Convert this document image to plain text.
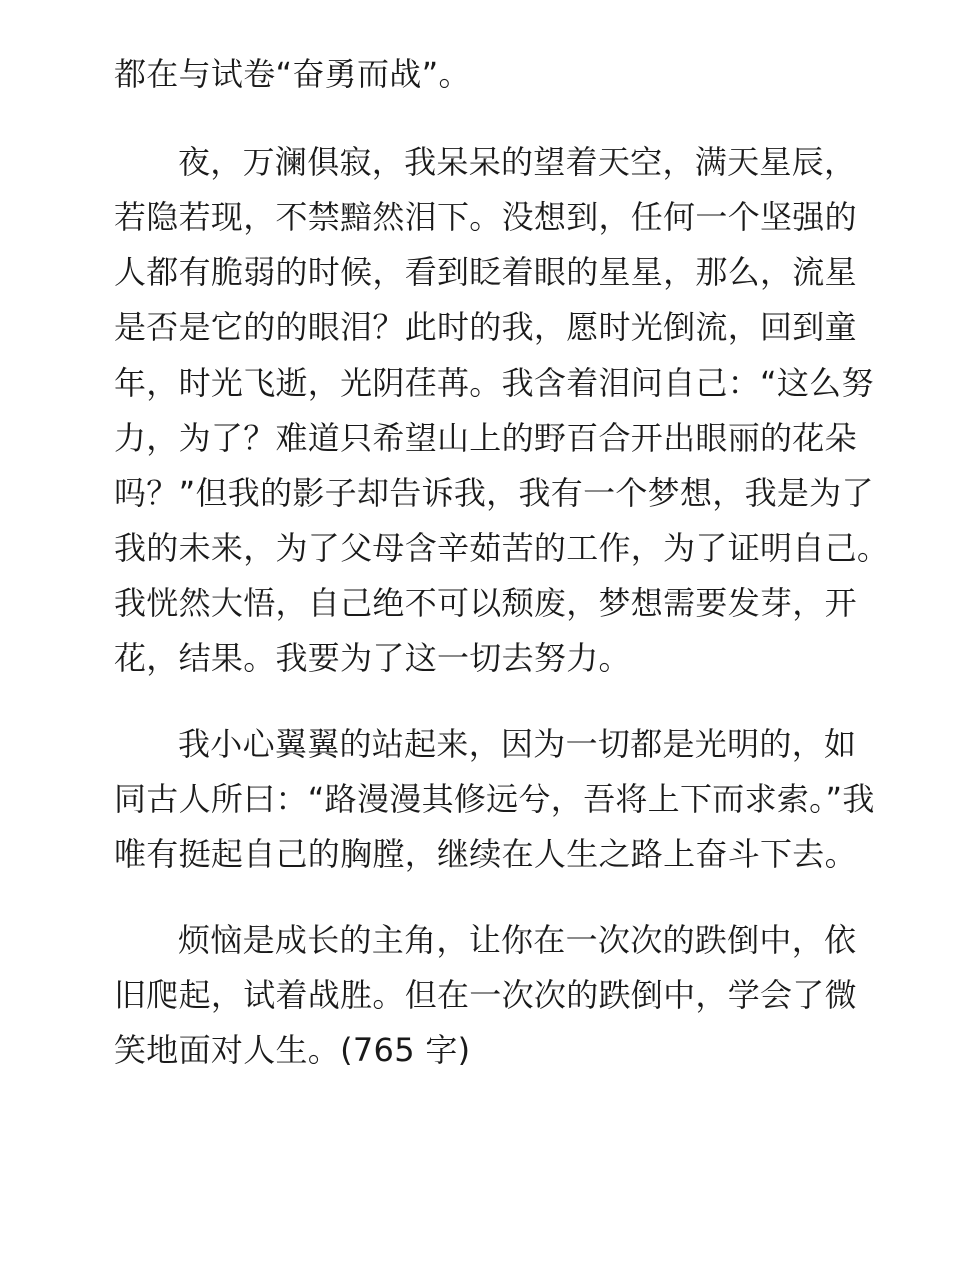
都在与试卷“奋勇而战”。
夜，万澜俱寂，我呆呆的望着天空，满天星辰，
若隐若现，不禁黯然泪下。没想到，任何一个坚强的
人都有脆弱的时候，看到眨着眼的星星，那么，流星
是否是它的的眼泪？此时的我，愿时光倒流，回到童
年，时光飞逝，光阴荏苒。我含着泪问自己：“这么努
力，为了？难道只希望山上的野百合开出眼丽的花朵
吗？”但我的影子却告诉我，我有一个梦想，我是为了
我的未来，为了父母含辛茹苦的工作，为了证明自己。
我恍然大悟，自己绝不可以颓废，梦想需要发芽，开
花，结果。我要为了这一切去努力。
我小心翼翼的站起来，因为一切都是光明的，如
同古人所曰：“路漫漫其修远兮，吾将上下而求索。”我
唯有挺起自己的胸膛，继续在人生之路上奋斗下去。
烦恼是成长的主角，让你在一次次的跌倒中，依
旧爬起，试着战胜。但在一次次的跌倒中，学会了微
笑地面对人生。(765 字)
